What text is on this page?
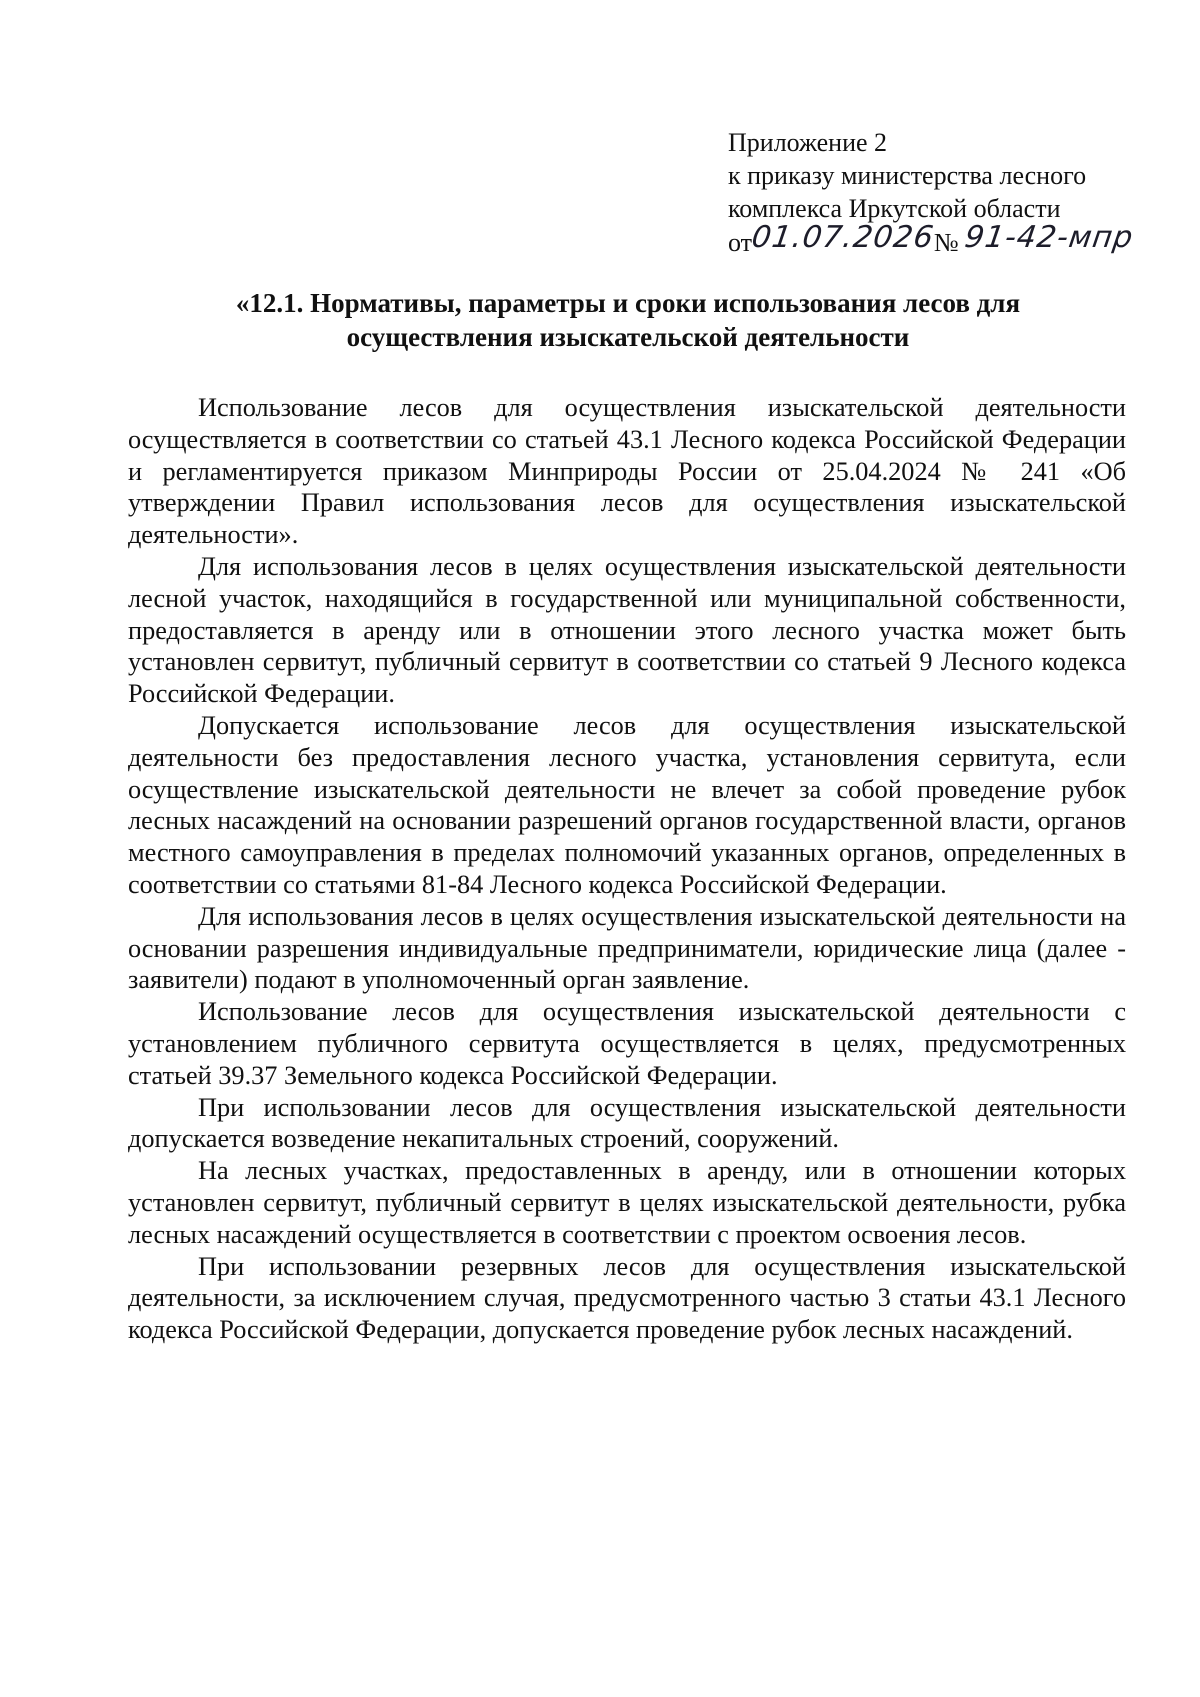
Приложение 2
к приказу министерства лесного
комплекса Иркутской области
от01.07.2026№ 91-42-мпр
«12.1. Нормативы, параметры и сроки использования лесов для
осуществления изыскательской деятельности

Использование лесов для осуществления изыскательской деятельности осуществляется в соответствии со статьей 43.1 Лесного кодекса Российской Федерации и регламентируется приказом Минприроды России от 25.04.2024 № 241 «Об утверждении Правил использования лесов для осуществления изыскательской деятельности».

Для использования лесов в целях осуществления изыскательской деятельности лесной участок, находящийся в государственной или муниципальной собственности, предоставляется в аренду или в отношении этого лесного участка может быть установлен сервитут, публичный сервитут в соответствии со статьей 9 Лесного кодекса Российской Федерации.

Допускается использование лесов для осуществления изыскательской деятельности без предоставления лесного участка, установления сервитута, если осуществление изыскательской деятельности не влечет за собой проведение рубок лесных насаждений на основании разрешений органов государственной власти, органов местного самоуправления в пределах полномочий указанных органов, определенных в соответствии со статьями 81-84 Лесного кодекса Российской Федерации.

Для использования лесов в целях осуществления изыскательской деятельности на основании разрешения индивидуальные предприниматели, юридические лица (далее - заявители) подают в уполномоченный орган заявление.

Использование лесов для осуществления изыскательской деятельности с установлением публичного сервитута осуществляется в целях, предусмотренных статьей 39.37 Земельного кодекса Российской Федерации.

При использовании лесов для осуществления изыскательской деятельности допускается возведение некапитальных строений, сооружений.

На лесных участках, предоставленных в аренду, или в отношении которых установлен сервитут, публичный сервитут в целях изыскательской деятельности, рубка лесных насаждений осуществляется в соответствии с проектом освоения лесов.

При использовании резервных лесов для осуществления изыскательской деятельности, за исключением случая, предусмотренного частью 3 статьи 43.1 Лесного кодекса Российской Федерации, допускается проведение рубок лесных насаждений.
